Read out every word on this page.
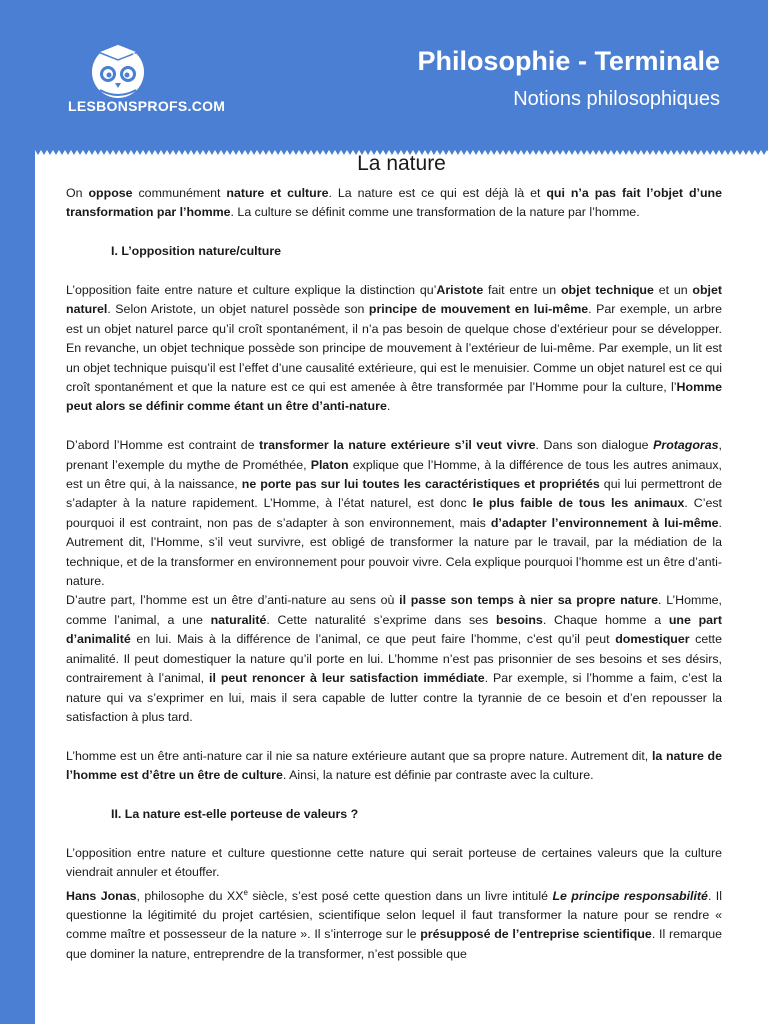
LESBONSPROFS.COM
Philosophie - Terminale
Notions philosophiques
La nature

On oppose communément nature et culture. La nature est ce qui est déjà là et qui n’a pas fait l’objet d’une transformation par l’homme. La culture se définit comme une transformation de la nature par l’homme.

I. L’opposition nature/culture

L’opposition faite entre nature et culture explique la distinction qu’Aristote fait entre un objet technique et un objet naturel. Selon Aristote, un objet naturel possède son principe de mouvement en lui-même. Par exemple, un arbre est un objet naturel parce qu’il croît spontanément, il n’a pas besoin de quelque chose d’extérieur pour se développer. En revanche, un objet technique possède son principe de mouvement à l’extérieur de lui-même. Par exemple, un lit est un objet technique puisqu’il est l’effet d’une causalité extérieure, qui est le menuisier. Comme un objet naturel est ce qui croît spontanément et que la nature est ce qui est amenée à être transformée par l’Homme pour la culture, l’Homme peut alors se définir comme étant un être d’anti-nature.

D’abord l’Homme est contraint de transformer la nature extérieure s’il veut vivre. Dans son dialogue Protagoras, prenant l’exemple du mythe de Prométhée, Platon explique que l’Homme, à la différence de tous les autres animaux, est un être qui, à la naissance, ne porte pas sur lui toutes les caractéristiques et propriétés qui lui permettront de s’adapter à la nature rapidement. L’Homme, à l’état naturel, est donc le plus faible de tous les animaux. C’est pourquoi il est contraint, non pas de s’adapter à son environnement, mais d’adapter l’environnement à lui-même. Autrement dit, l’Homme, s’il veut survivre, est obligé de transformer la nature par le travail, par la médiation de la technique, et de la transformer en environnement pour pouvoir vivre. Cela explique pourquoi l’homme est un être d’anti-nature.

D’autre part, l’homme est un être d’anti-nature au sens où il passe son temps à nier sa propre nature. L’Homme, comme l’animal, a une naturalité. Cette naturalité s’exprime dans ses besoins. Chaque homme a une part d’animalité en lui. Mais à la différence de l’animal, ce que peut faire l’homme, c’est qu’il peut domestiquer cette animalité. Il peut domestiquer la nature qu’il porte en lui. L’homme n’est pas prisonnier de ses besoins et ses désirs, contrairement à l’animal, il peut renoncer à leur satisfaction immédiate. Par exemple, si l’homme a faim, c’est la nature qui va s’exprimer en lui, mais il sera capable de lutter contre la tyrannie de ce besoin et d’en repousser la satisfaction à plus tard.

L’homme est un être anti-nature car il nie sa nature extérieure autant que sa propre nature. Autrement dit, la nature de l’homme est d’être un être de culture. Ainsi, la nature est définie par contraste avec la culture.

II. La nature est-elle porteuse de valeurs ?

L’opposition entre nature et culture questionne cette nature qui serait porteuse de certaines valeurs que la culture viendrait annuler et étouffer.

Hans Jonas, philosophe du XXe siècle, s’est posé cette question dans un livre intitulé Le principe responsabilité. Il questionne la légitimité du projet cartésien, scientifique selon lequel il faut transformer la nature pour se rendre « comme maître et possesseur de la nature ». Il s’interroge sur le présupposé de l’entreprise scientifique. Il remarque que dominer la nature, entreprendre de la transformer, n’est possible que
